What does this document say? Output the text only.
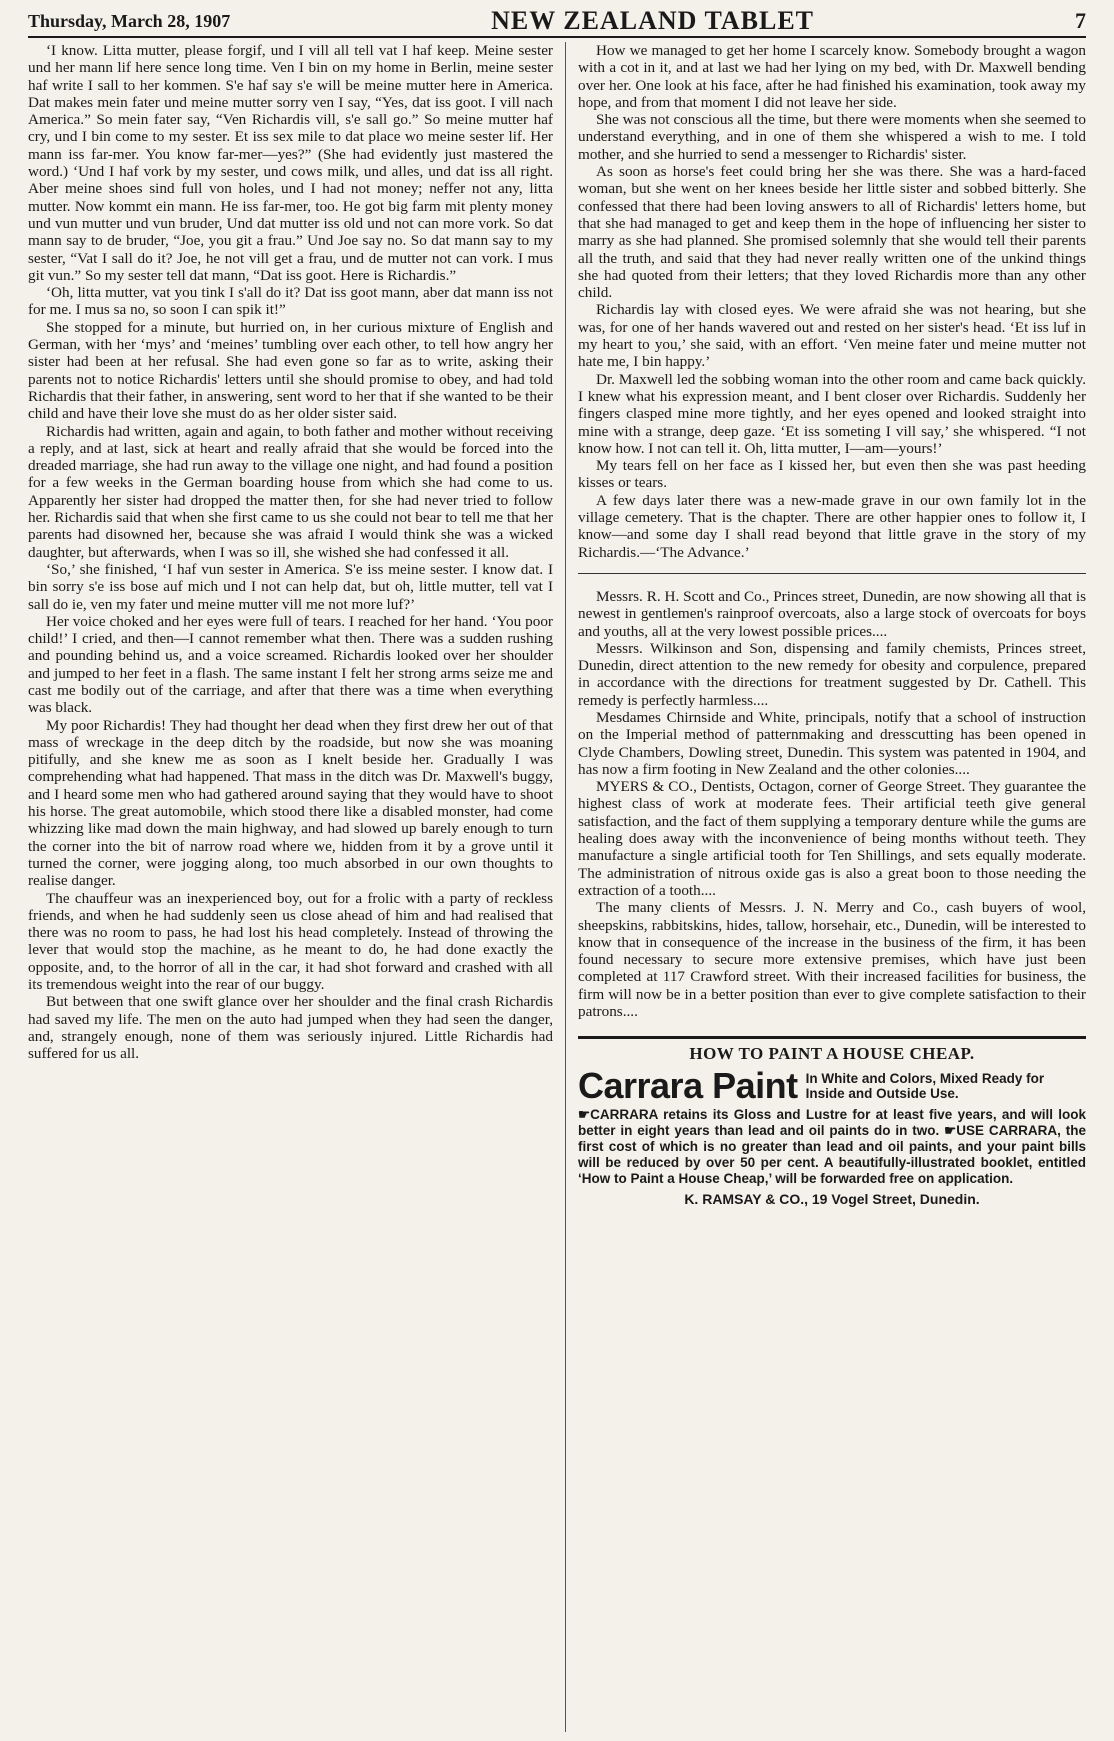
Thursday, March 28, 1907	NEW ZEALAND TABLET	7

‘I know. Litta mutter, please forgif, und I vill all tell vat I haf keep. Meine sester und her mann lif here sence long time. Ven I bin on my home in Berlin, meine sester haf write I sall to her kommen. S'e haf say s'e will be meine mutter here in America. Dat makes mein fater und meine mutter sorry ven I say, “Yes, dat iss goot. I vill nach America.” So mein fater say, “Ven Richardis vill, s'e sall go.” So meine mutter haf cry, und I bin come to my sester. Et iss sex mile to dat place wo meine sester lif. Her mann iss far-mer. You know far-mer—yes?” (She had evidently just mastered the word.) ‘Und I haf vork by my sester, und cows milk, und alles, und dat iss all right. Aber meine shoes sind full von holes, und I had not money; neffer not any, litta mutter. Now kommt ein mann. He iss far-mer, too. He got big farm mit plenty money und vun mutter und vun bruder, Und dat mutter iss old und not can more vork. So dat mann say to de bruder, “Joe, you git a frau.” Und Joe say no. So dat mann say to my sester, “Vat I sall do it? Joe, he not vill get a frau, und de mutter not can vork. I mus git vun.” So my sester tell dat mann, “Dat iss goot. Here is Richardis.”

‘Oh, litta mutter, vat you tink I s'all do it? Dat iss goot mann, aber dat mann iss not for me. I mus sa no, so soon I can spik it!”

She stopped for a minute, but hurried on, in her curious mixture of English and German, with her ‘mys’ and ‘meines’ tumbling over each other, to tell how angry her sister had been at her refusal. She had even gone so far as to write, asking their parents not to notice Richardis' letters until she should promise to obey, and had told Richardis that their father, in answering, sent word to her that if she wanted to be their child and have their love she must do as her older sister said.

Richardis had written, again and again, to both father and mother without receiving a reply, and at last, sick at heart and really afraid that she would be forced into the dreaded marriage, she had run away to the village one night, and had found a position for a few weeks in the German boarding house from which she had come to us. Apparently her sister had dropped the matter then, for she had never tried to follow her. Richardis said that when she first came to us she could not bear to tell me that her parents had disowned her, because she was afraid I would think she was a wicked daughter, but afterwards, when I was so ill, she wished she had confessed it all.

‘So,’ she finished, ‘I haf vun sester in America. S'e iss meine sester. I know dat. I bin sorry s'e iss bose auf mich und I not can help dat, but oh, little mutter, tell vat I sall do ie, ven my fater und meine mutter vill me not more luf?’

Her voice choked and her eyes were full of tears. I reached for her hand. ‘You poor child!’ I cried, and then—I cannot remember what then. There was a sudden rushing and pounding behind us, and a voice screamed. Richardis looked over her shoulder and jumped to her feet in a flash. The same instant I felt her strong arms seize me and cast me bodily out of the carriage, and after that there was a time when everything was black.

My poor Richardis! They had thought her dead when they first drew her out of that mass of wreckage in the deep ditch by the roadside, but now she was moaning pitifully, and she knew me as soon as I knelt beside her. Gradually I was comprehending what had happened. That mass in the ditch was Dr. Maxwell's buggy, and I heard some men who had gathered around saying that they would have to shoot his horse. The great automobile, which stood there like a disabled monster, had come whizzing like mad down the main highway, and had slowed up barely enough to turn the corner into the bit of narrow road where we, hidden from it by a grove until it turned the corner, were jogging along, too much absorbed in our own thoughts to realise danger.

The chauffeur was an inexperienced boy, out for a frolic with a party of reckless friends, and when he had suddenly seen us close ahead of him and had realised that there was no room to pass, he had lost his head completely. Instead of throwing the lever that would stop the machine, as he meant to do, he had done exactly the opposite, and, to the horror of all in the car, it had shot forward and crashed with all its tremendous weight into the rear of our buggy.

But between that one swift glance over her shoulder and the final crash Richardis had saved my life. The men on the auto had jumped when they had seen the danger, and, strangely enough, none of them was seriously injured. Little Richardis had suffered for us all.

How we managed to get her home I scarcely know. Somebody brought a wagon with a cot in it, and at last we had her lying on my bed, with Dr. Maxwell bending over her. One look at his face, after he had finished his examination, took away my hope, and from that moment I did not leave her side.

She was not conscious all the time, but there were moments when she seemed to understand everything, and in one of them she whispered a wish to me. I told mother, and she hurried to send a messenger to Richardis' sister.

As soon as horse's feet could bring her she was there. She was a hard-faced woman, but she went on her knees beside her little sister and sobbed bitterly. She confessed that there had been loving answers to all of Richardis' letters home, but that she had managed to get and keep them in the hope of influencing her sister to marry as she had planned. She promised solemnly that she would tell their parents all the truth, and said that they had never really written one of the unkind things she had quoted from their letters; that they loved Richardis more than any other child.

Richardis lay with closed eyes. We were afraid she was not hearing, but she was, for one of her hands wavered out and rested on her sister's head. ‘Et iss luf in my heart to you,’ she said, with an effort. ‘Ven meine fater und meine mutter not hate me, I bin happy.’

Dr. Maxwell led the sobbing woman into the other room and came back quickly. I knew what his expression meant, and I bent closer over Richardis. Suddenly her fingers clasped mine more tightly, and her eyes opened and looked straight into mine with a strange, deep gaze. ‘Et iss someting I vill say,’ she whispered. “I not know how. I not can tell it. Oh, litta mutter, I—am—yours!’

My tears fell on her face as I kissed her, but even then she was past heeding kisses or tears.

A few days later there was a new-made grave in our own family lot in the village cemetery. That is the chapter. There are other happier ones to follow it, I know—and some day I shall read beyond that little grave in the story of my Richardis.—‘The Advance.’

Messrs. R. H. Scott and Co., Princes street, Dunedin, are now showing all that is newest in gentlemen's rainproof overcoats, also a large stock of overcoats for boys and youths, all at the very lowest possible prices....

Messrs. Wilkinson and Son, dispensing and family chemists, Princes street, Dunedin, direct attention to the new remedy for obesity and corpulence, prepared in accordance with the directions for treatment suggested by Dr. Cathell. This remedy is perfectly harmless....

Mesdames Chirnside and White, principals, notify that a school of instruction on the Imperial method of patternmaking and dresscutting has been opened in Clyde Chambers, Dowling street, Dunedin. This system was patented in 1904, and has now a firm footing in New Zealand and the other colonies....

MYERS & CO., Dentists, Octagon, corner of George Street. They guarantee the highest class of work at moderate fees. Their artificial teeth give general satisfaction, and the fact of them supplying a temporary denture while the gums are healing does away with the inconvenience of being months without teeth. They manufacture a single artificial tooth for Ten Shillings, and sets equally moderate. The administration of nitrous oxide gas is also a great boon to those needing the extraction of a tooth....

The many clients of Messrs. J. N. Merry and Co., cash buyers of wool, sheepskins, rabbitskins, hides, tallow, horsehair, etc., Dunedin, will be interested to know that in consequence of the increase in the business of the firm, it has been found necessary to secure more extensive premises, which have just been completed at 117 Crawford street. With their increased facilities for business, the firm will now be in a better position than ever to give complete satisfaction to their patrons....

HOW TO PAINT A HOUSE CHEAP.
Carrara Paint In White and Colors, Mixed Ready for Inside and Outside Use.
☛CARRARA retains its Gloss and Lustre for at least five years, and will look better in eight years than lead and oil paints do in two. ☛USE CARRARA, the first cost of which is no greater than lead and oil paints, and your paint bills will be reduced by over 50 per cent. A beautifully-illustrated booklet, entitled ‘How to Paint a House Cheap,’ will be forwarded free on application.
K. RAMSAY & CO., 19 Vogel Street, Dunedin.
